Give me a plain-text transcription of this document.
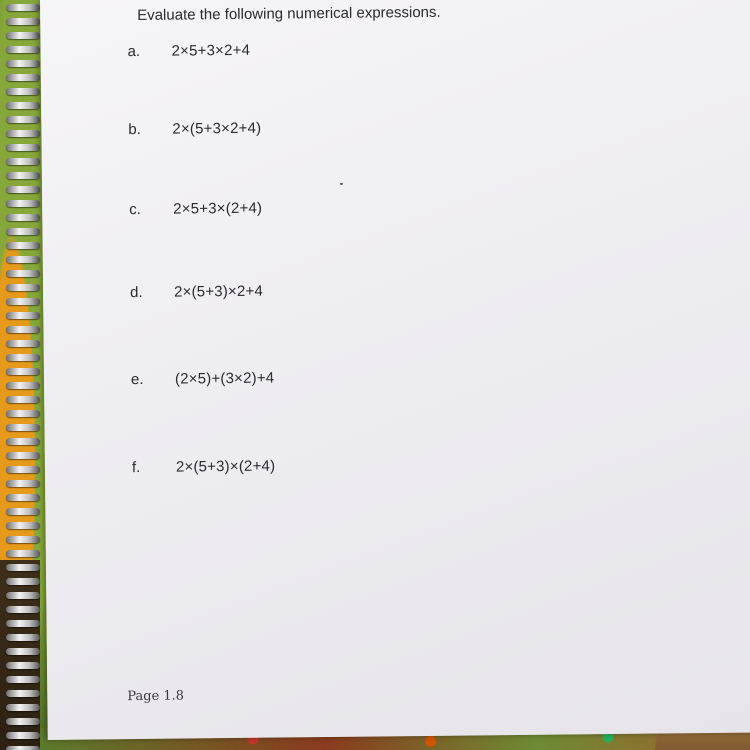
Evaluate the following numerical expressions.
a. 2×5+3×2+4
b. 2×(5+3×2+4)
c. 2×5+3×(2+4)
d. 2×(5+3)×2+4
e. (2×5)+(3×2)+4
f. 2×(5+3)×(2+4)
Page 1.8
